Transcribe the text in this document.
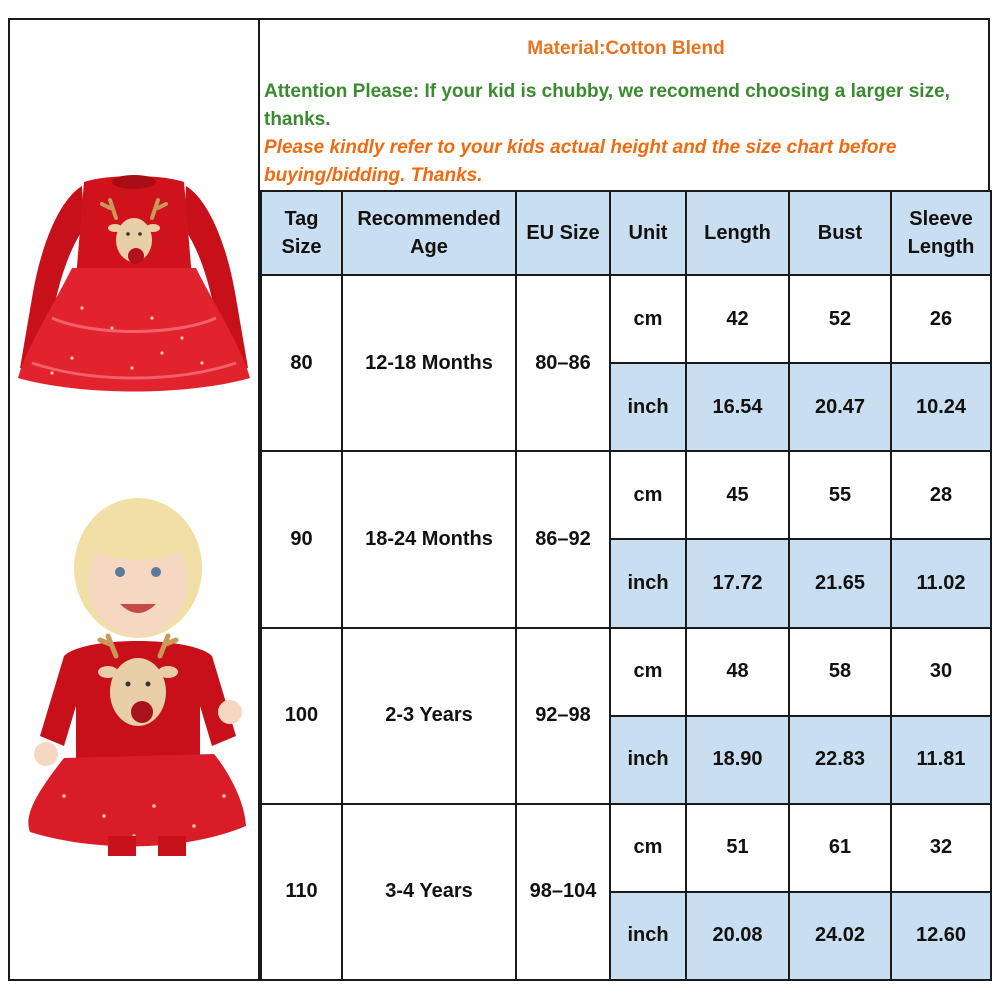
Material:Cotton Blend

Attention Please: If your kid is chubby, we recomend choosing a larger size, thanks.

Please kindly refer to your kids actual height and the size chart before buying/bidding. Thanks.

Tag Size	Recommended Age	EU Size	Unit	Length	Bust	Sleeve Length
80	12-18 Months	80–86	cm	42	52	26
			inch	16.54	20.47	10.24
90	18-24 Months	86–92	cm	45	55	28
			inch	17.72	21.65	11.02
100	2-3 Years	92–98	cm	48	58	30
			inch	18.90	22.83	11.81
110	3-4 Years	98–104	cm	51	61	32
			inch	20.08	24.02	12.60
